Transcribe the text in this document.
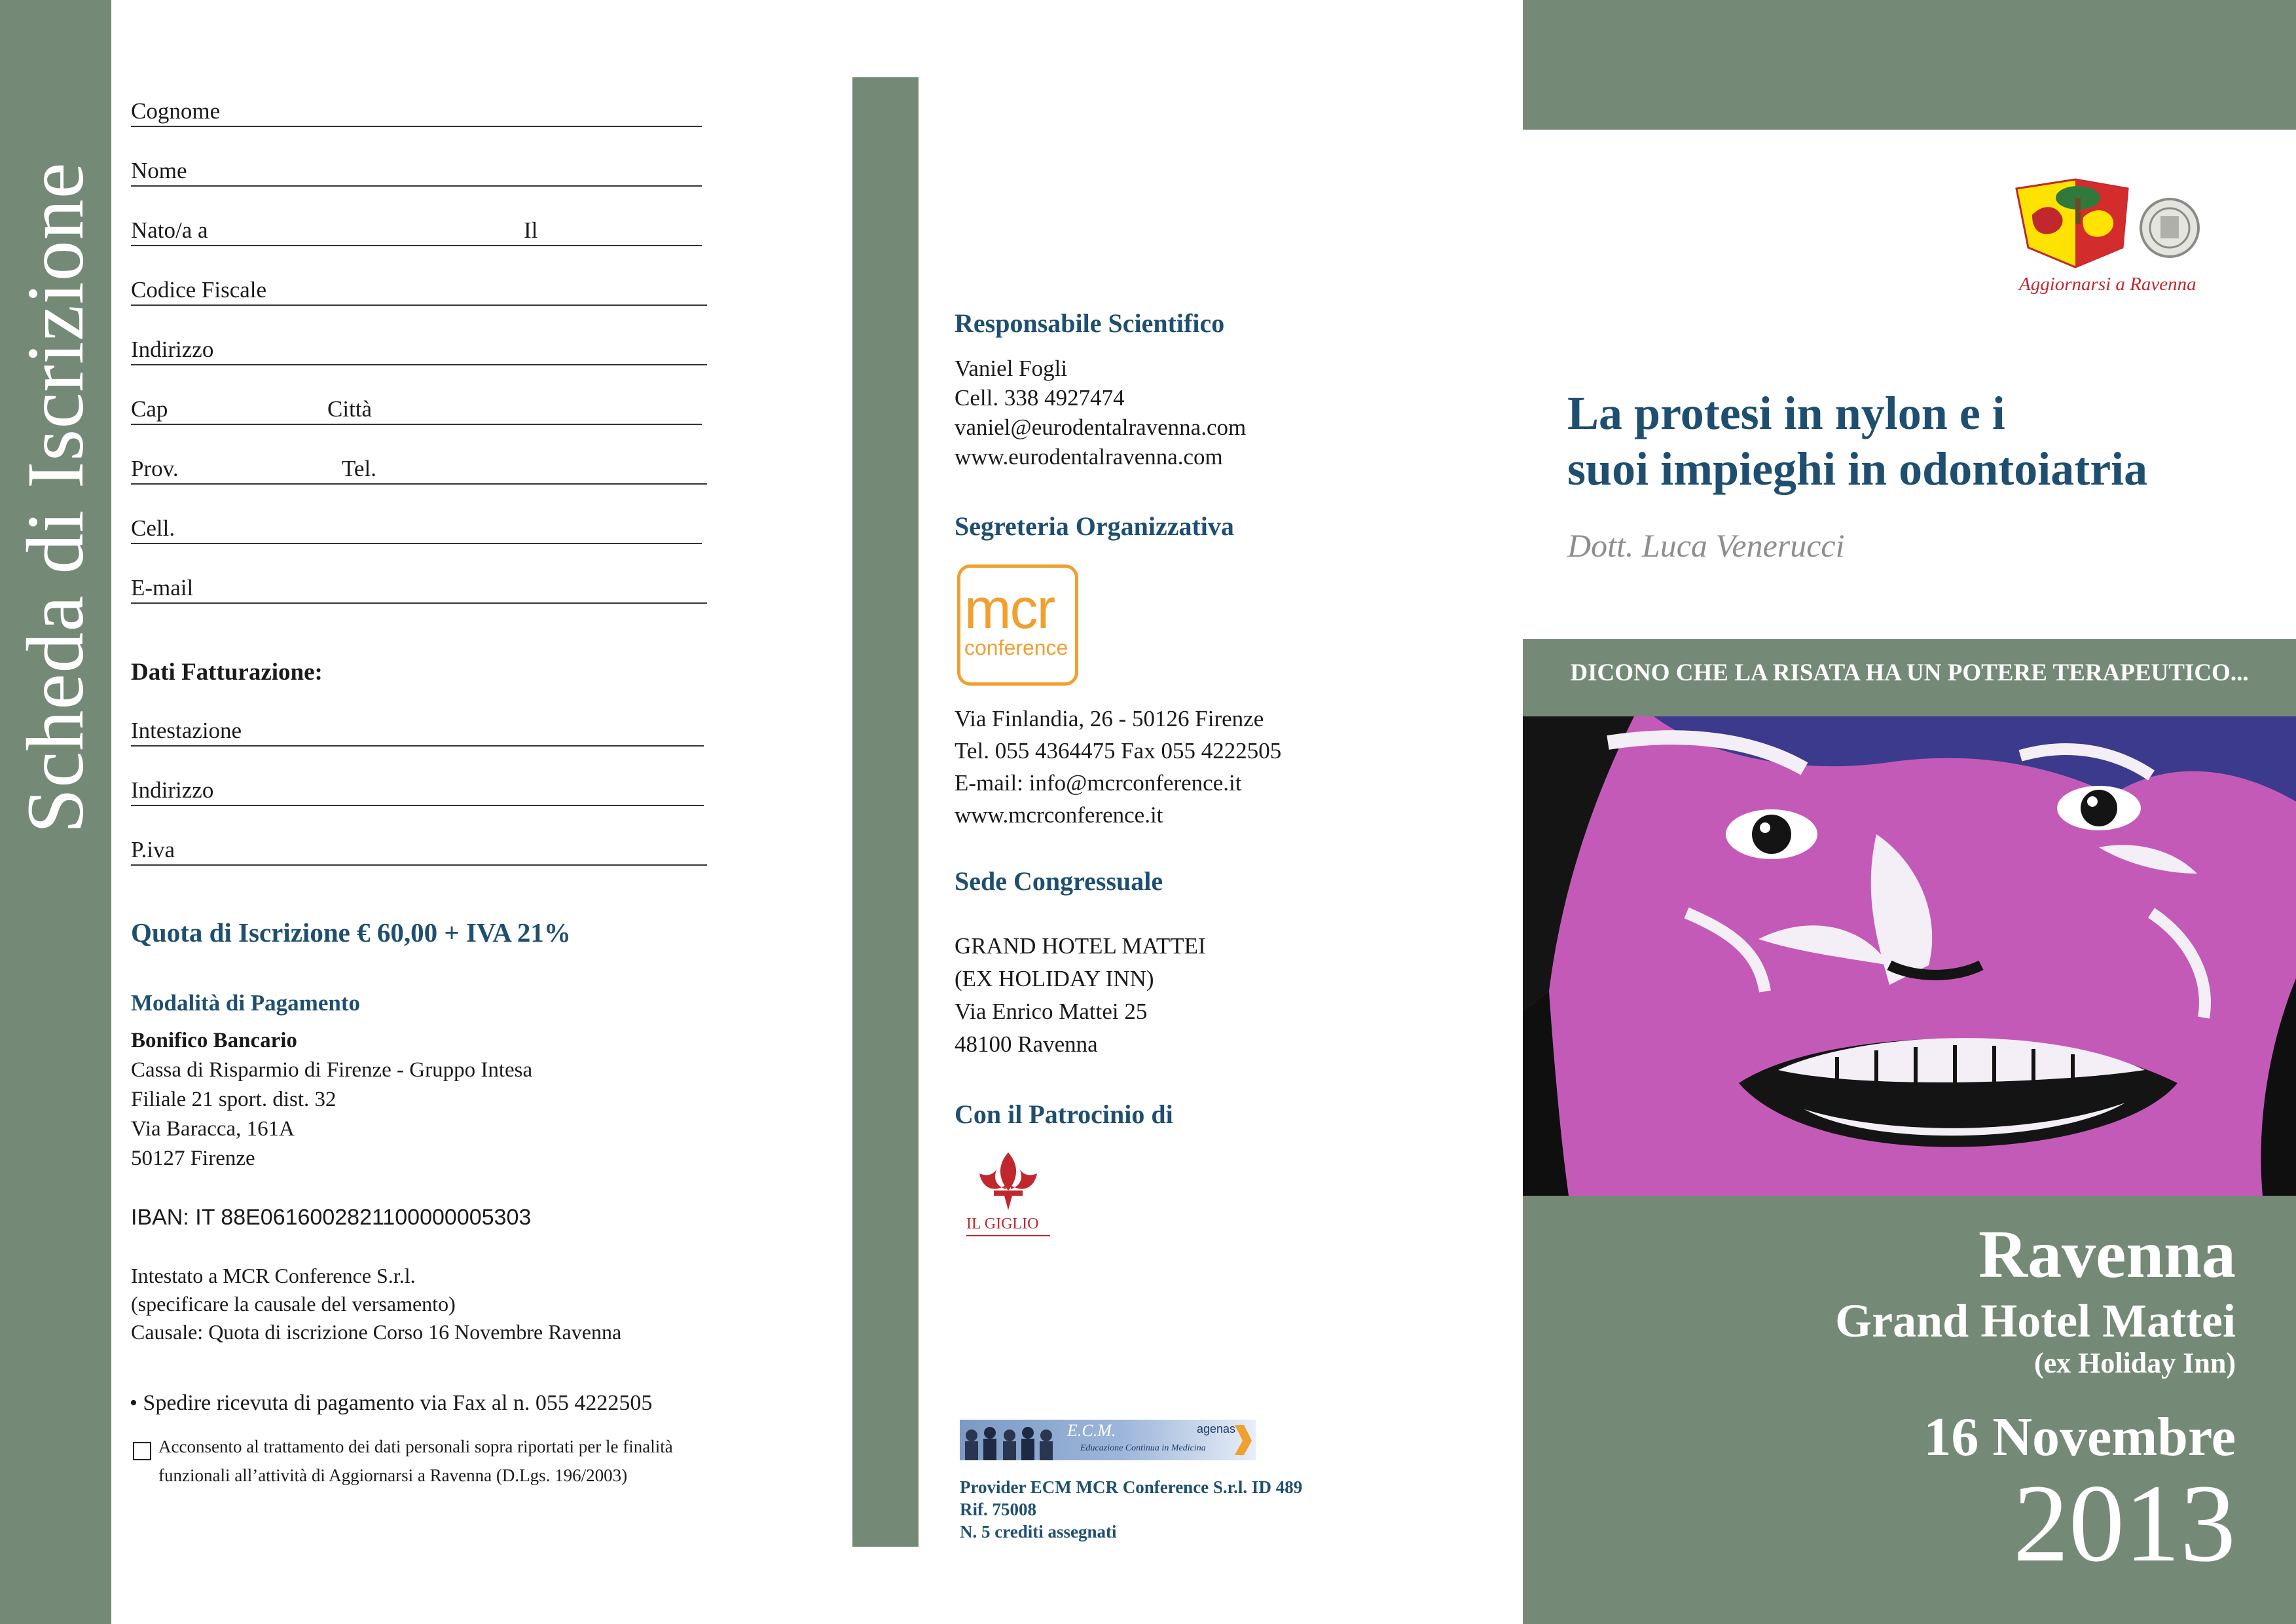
Scheda di Iscrizione
Cognome
Nome
Nato/a a	Il
Codice Fiscale
Indirizzo
Cap	Città
Prov.	Tel.
Cell.
E-mail
Dati Fatturazione:
Intestazione
Indirizzo
P.iva
Quota di Iscrizione € 60,00 + IVA 21%
Modalità di Pagamento
Bonifico Bancario
Cassa di Risparmio di Firenze - Gruppo Intesa
Filiale 21 sport. dist. 32
Via Baracca, 161A
50127 Firenze
IBAN: IT 88E0616002821100000005303
Intestato a MCR Conference S.r.l.
(specificare la causale del versamento)
Causale: Quota di iscrizione Corso 16 Novembre Ravenna
• Spedire ricevuta di pagamento via Fax al n. 055 4222505
Acconsento al trattamento dei dati personali sopra riportati per le finalità
funzionali all’attività di Aggiornarsi a Ravenna (D.Lgs. 196/2003)
Responsabile Scientifico
Vaniel Fogli
Cell. 338 4927474
vaniel@eurodentalravenna.com
www.eurodentalravenna.com
Segreteria Organizzativa
mcr
conference
Via Finlandia, 26 - 50126 Firenze
Tel. 055 4364475 Fax 055 4222505
E-mail: info@mcrconference.it
www.mcrconference.it
Sede Congressuale
GRAND HOTEL MATTEI
(EX HOLIDAY INN)
Via Enrico Mattei 25
48100 Ravenna
Con il Patrocinio di
IL GIGLIO
E.C.M.
Educazione Continua in Medicina
agenas
Provider ECM MCR Conference S.r.l. ID 489
Rif. 75008
N. 5 crediti assegnati
Aggiornarsi a Ravenna
La protesi in nylon e i
suoi impieghi in odontoiatria
Dott. Luca Venerucci
DICONO CHE LA RISATA HA UN POTERE TERAPEUTICO...
Ravenna
Grand Hotel Mattei
(ex Holiday Inn)
16 Novembre
2013
